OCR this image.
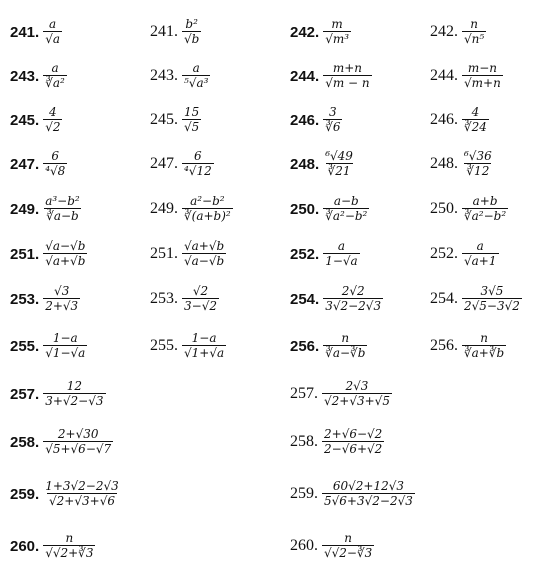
241. $\frac{a}{√a}$	241. $\frac{\text{b²}}{√b}$	242. $\frac{m}{\text{√m³}}$	242. $\frac{n}{\text{√n⁵}}$
243. $\frac{a}{\text{∛a²}}$	243. $\frac{a}{\text{⁵√a³}}$	244. $\frac{m+n}{√m - n}$	244. $\frac{m-n}{√m+n}$
245. $\frac{4}{√2}$	245. $\frac{15}{√5}$	246. $\frac{3}{∛6}$	246. $\frac{4}{∛24}$
247. $\frac{6}{\text{⁴√8}}$	247. $\frac{6}{\text{⁴√12}}$	248. $\frac{\text{⁶√49}}{∛21}$	248. $\frac{\text{⁶√36}}{∛12}$
249. $\frac{\text{a³−b²}}{∛a-b}$	249. $\frac{\text{a²−b²}}{\text{∛(a+b)²}}$	250. $\frac{a-b}{\text{∛a²−b²}}$	250. $\frac{a+b}{\text{∛a²−b²}}$
251. $\frac{√a-√b}{√a+√b}$	251. $\frac{√a+√b}{√a-√b}$	252. $\frac{a}{1-√a}$	252. $\frac{a}{√a+1}$
253. $\frac{√3}{2+√3}$	253. $\frac{√2}{3-√2}$	254. $\frac{2√2}{3√2-2√3}$	254. $\frac{3√5}{2√5-3√2}$
255. $\frac{1-a}{√1-√a}$	255. $\frac{1-a}{√1+√a}$	256. $\frac{n}{∛a-∛b}$	256. $\frac{n}{∛a+∛b}$
257. $\frac{12}{3+√2-√3}$	257. $\frac{2√3}{√2+√3+√5}$
258. $\frac{2+√30}{√5+√6-√7}$	258. $\frac{2+√6-√2}{2-√6+√2}$
259. $\frac{1+3√2-2√3}{√2+√3+√6}$	259. $\frac{60√2+12√3}{5√6+3√2-2√3}$
260. $\frac{n}{√√2+∛3}$	260. $\frac{n}{√√2-∛3}$
